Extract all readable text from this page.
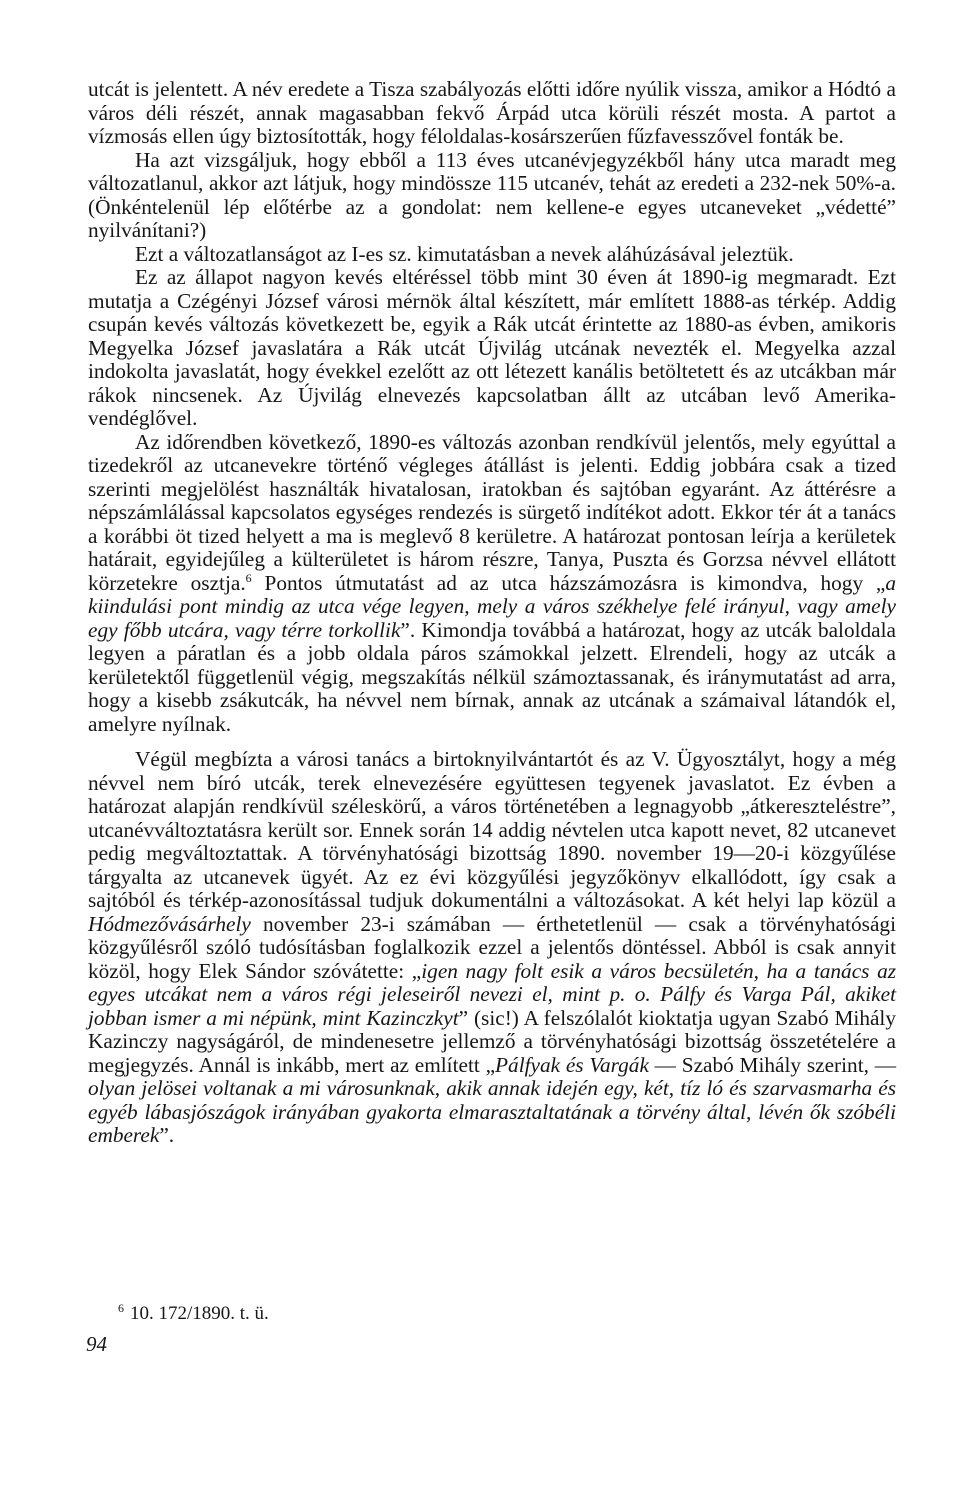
utcát is jelentett. A név eredete a Tisza szabályozás előtti időre nyúlik vissza, amikor a Hódtó a város déli részét, annak magasabban fekvő Árpád utca körüli részét mosta. A partot a vízmosás ellen úgy biztosították, hogy féloldalas-kosárszerűen fűzfavesszővel fonták be.

Ha azt vizsgáljuk, hogy ebből a 113 éves utcanévjegyzékből hány utca maradt meg változatlanul, akkor azt látjuk, hogy mindössze 115 utcanév, tehát az eredeti a 232-nek 50%-a. (Önkéntelenül lép előtérbe az a gondolat: nem kellene-e egyes utcaneveket „védetté” nyilvánítani?)

Ezt a változatlanságot az I-es sz. kimutatásban a nevek aláhúzásával jeleztük.

Ez az állapot nagyon kevés eltéréssel több mint 30 éven át 1890-ig megmaradt. Ezt mutatja a Czégényi József városi mérnök által készített, már említett 1888-as térkép. Addig csupán kevés változás következett be, egyik a Rák utcát érintette az 1880-as évben, amikoris Megyelka József javaslatára a Rák utcát Újvilág utcának nevezték el. Megyelka azzal indokolta javaslatát, hogy évekkel ezelőtt az ott létezett kanális betöltetett és az utcákban már rákok nincsenek. Az Újvilág elnevezés kapcsolatban állt az utcában levő Amerika-vendéglővel.

Az időrendben következő, 1890-es változás azonban rendkívül jelentős, mely egyúttal a tizedekről az utcanevekre történő végleges átállást is jelenti. Eddig jobbára csak a tized szerinti megjelölést használták hivatalosan, iratokban és sajtóban egyaránt. Az áttérésre a népszámlálással kapcsolatos egységes rendezés is sürgető indítékot adott. Ekkor tér át a tanács a korábbi öt tized helyett a ma is meglevő 8 kerületre. A határozat pontosan leírja a kerületek határait, egyidejűleg a külterületet is három részre, Tanya, Puszta és Gorzsa névvel ellátott körzetekre osztja.$^6$ Pontos útmutatást ad az utca házszámozásra is kimondva, hogy „a kiindulási pont mindig az utca vége legyen, mely a város székhelye felé irányul, vagy amely egy főbb utcára, vagy térre torkollik”. Kimondja továbbá a határozat, hogy az utcák baloldala legyen a páratlan és a jobb oldala páros számokkal jelzett. Elrendeli, hogy az utcák a kerületektől függetlenül végig, megszakítás nélkül számoztassanak, és iránymutatást ad arra, hogy a kisebb zsákutcák, ha névvel nem bírnak, annak az utcának a számaival látandók el, amelyre nyílnak.

Végül megbízta a városi tanács a birtoknyilvántartót és az V. Ügyosztályt, hogy a még névvel nem bíró utcák, terek elnevezésére együttesen tegyenek javaslatot. Ez évben a határozat alapján rendkívül széleskörű, a város történetében a legnagyobb „átkereszteléstre”, utcanévváltoztatásra került sor. Ennek során 14 addig névtelen utca kapott nevet, 82 utcanevet pedig megváltoztattak. A törvényhatósági bizottság 1890. november 19—20-i közgyűlése tárgyalta az utcanevek ügyét. Az ez évi közgyűlési jegyzőkönyv elkallódott, így csak a sajtóból és térkép-azonosítással tudjuk dokumentálni a változásokat. A két helyi lap közül a Hódmezővásárhely november 23-i számában — érthetetlenül — csak a törvényhatósági közgyűlésről szóló tudósításban foglalkozik ezzel a jelentős döntéssel. Abból is csak annyit közöl, hogy Elek Sándor szóvátette: „igen nagy folt esik a város becsületén, ha a tanács az egyes utcákat nem a város régi jeleseiről nevezi el, mint p. o. Pálfy és Varga Pál, akiket jobban ismer a mi népünk, mint Kazinczkyt” (sic!) A felszólalót kioktatja ugyan Szabó Mihály Kazinczy nagyságáról, de mindenesetre jellemző a törvényhatósági bizottság összetételére a megjegyzés. Annál is inkább, mert az említett „Pálfyak és Vargák — Szabó Mihály szerint, — olyan jelösei voltanak a mi városunknak, akik annak idején egy, két, tíz ló és szarvasmarha és egyéb lábasjószágok irányában gyakorta elmarasztaltatának a törvény által, lévén ők szóbéli emberek”.

$^6$ 10. 172/1890. t. ü.
94
